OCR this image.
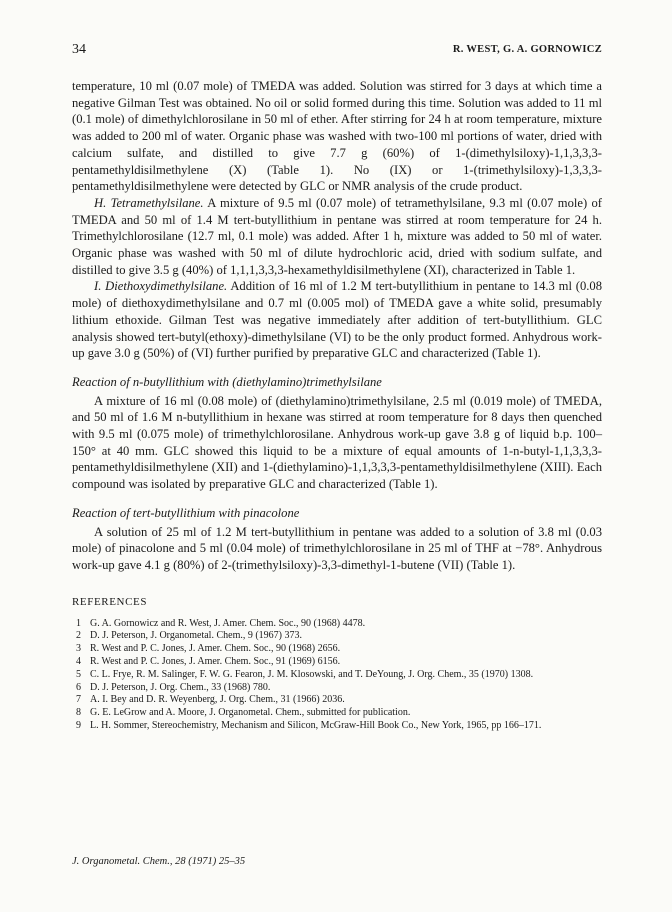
34	R. WEST, G. A. GORNOWICZ

temperature, 10 ml (0.07 mole) of TMEDA was added. Solution was stirred for 3 days at which time a negative Gilman Test was obtained. No oil or solid formed during this time. Solution was added to 11 ml (0.1 mole) of dimethylchlorosilane in 50 ml of ether. After stirring for 24 h at room temperature, mixture was added to 200 ml of water. Organic phase was washed with two-100 ml portions of water, dried with calcium sulfate, and distilled to give 7.7 g (60%) of 1-(dimethylsiloxy)-1,1,3,3,3-pentamethyldisilmethylene (X) (Table 1). No (IX) or 1-(trimethylsiloxy)-1,3,3,3-pentamethyldisilmethylene were detected by GLC or NMR analysis of the crude product.

H. Tetramethylsilane. A mixture of 9.5 ml (0.07 mole) of tetramethylsilane, 9.3 ml (0.07 mole) of TMEDA and 50 ml of 1.4 M tert-butyllithium in pentane was stirred at room temperature for 24 h. Trimethylchlorosilane (12.7 ml, 0.1 mole) was added. After 1 h, mixture was added to 50 ml of water. Organic phase was washed with 50 ml of dilute hydrochloric acid, dried with sodium sulfate, and distilled to give 3.5 g (40%) of 1,1,1,3,3,3-hexamethyldisilmethylene (XI), characterized in Table 1.

I. Diethoxydimethylsilane. Addition of 16 ml of 1.2 M tert-butyllithium in pentane to 14.3 ml (0.08 mole) of diethoxydimethylsilane and 0.7 ml (0.005 mol) of TMEDA gave a white solid, presumably lithium ethoxide. Gilman Test was negative immediately after addition of tert-butyllithium. GLC analysis showed tert-butyl(ethoxy)-dimethylsilane (VI) to be the only product formed. Anhydrous work-up gave 3.0 g (50%) of (VI) further purified by preparative GLC and characterized (Table 1).

Reaction of n-butyllithium with (diethylamino)trimethylsilane

A mixture of 16 ml (0.08 mole) of (diethylamino)trimethylsilane, 2.5 ml (0.019 mole) of TMEDA, and 50 ml of 1.6 M n-butyllithium in hexane was stirred at room temperature for 8 days then quenched with 9.5 ml (0.075 mole) of trimethylchlorosilane. Anhydrous work-up gave 3.8 g of liquid b.p. 100–150° at 40 mm. GLC showed this liquid to be a mixture of equal amounts of 1-n-butyl-1,1,3,3,3-pentamethyldisilmethylene (XII) and 1-(diethylamino)-1,1,3,3,3-pentamethyldisilmethylene (XIII). Each compound was isolated by preparative GLC and characterized (Table 1).

Reaction of tert-butyllithium with pinacolone

A solution of 25 ml of 1.2 M tert-butyllithium in pentane was added to a solution of 3.8 ml (0.03 mole) of pinacolone and 5 ml (0.04 mole) of trimethylchlorosilane in 25 ml of THF at −78°. Anhydrous work-up gave 4.1 g (80%) of 2-(trimethylsiloxy)-3,3-dimethyl-1-butene (VII) (Table 1).

REFERENCES
1 G. A. Gornowicz and R. West, J. Amer. Chem. Soc., 90 (1968) 4478.
2 D. J. Peterson, J. Organometal. Chem., 9 (1967) 373.
3 R. West and P. C. Jones, J. Amer. Chem. Soc., 90 (1968) 2656.
4 R. West and P. C. Jones, J. Amer. Chem. Soc., 91 (1969) 6156.
5 C. L. Frye, R. M. Salinger, F. W. G. Fearon, J. M. Klosowski, and T. DeYoung, J. Org. Chem., 35 (1970) 1308.
6 D. J. Peterson, J. Org. Chem., 33 (1968) 780.
7 A. I. Bey and D. R. Weyenberg, J. Org. Chem., 31 (1966) 2036.
8 G. E. LeGrow and A. Moore, J. Organometal. Chem., submitted for publication.
9 L. H. Sommer, Stereochemistry, Mechanism and Silicon, McGraw-Hill Book Co., New York, 1965, pp 166–171.
J. Organometal. Chem., 28 (1971) 25–35
